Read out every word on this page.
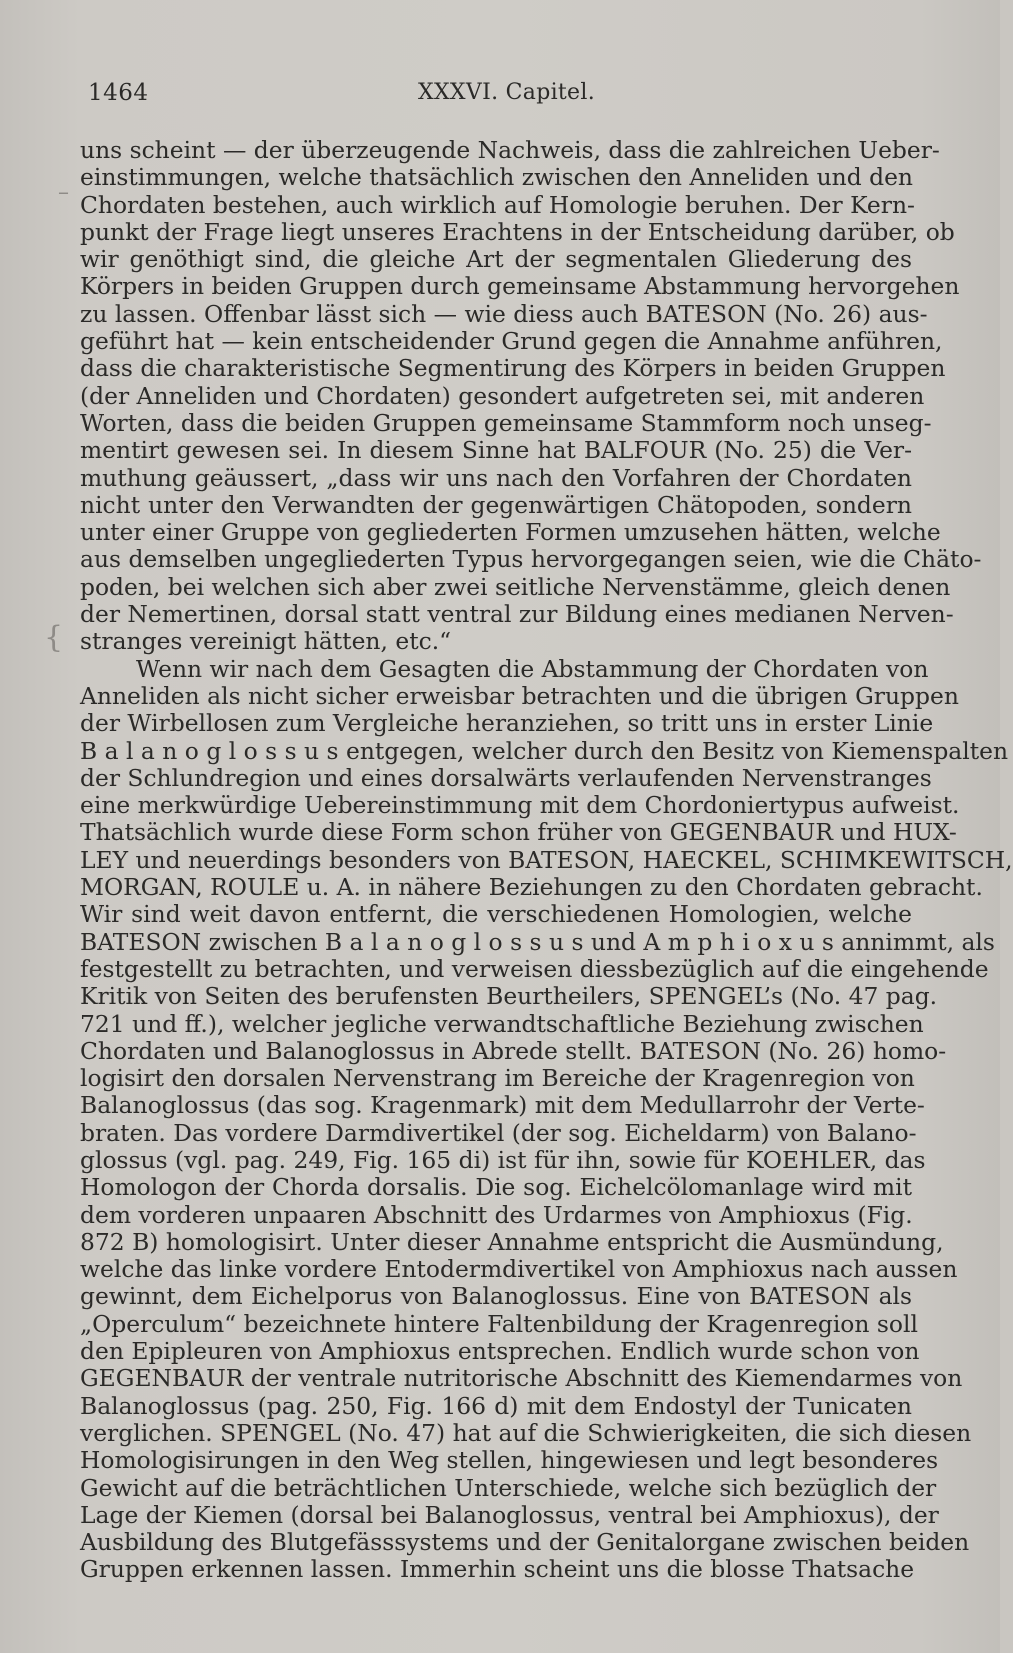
1464	XXXVI. Capitel.
–
{
uns scheint — der überzeugende Nachweis, dass die zahlreichen Ueber-
einstimmungen, welche thatsächlich zwischen den Anneliden und den
Chordaten bestehen, auch wirklich auf Homologie beruhen. Der Kern-
punkt der Frage liegt unseres Erachtens in der Entscheidung darüber, ob
wir genöthigt sind, die gleiche Art der segmentalen Gliederung des
Körpers in beiden Gruppen durch gemeinsame Abstammung hervorgehen
zu lassen. Offenbar lässt sich — wie diess auch BATESON (No. 26) aus-
geführt hat — kein entscheidender Grund gegen die Annahme anführen,
dass die charakteristische Segmentirung des Körpers in beiden Gruppen
(der Anneliden und Chordaten) gesondert aufgetreten sei, mit anderen
Worten, dass die beiden Gruppen gemeinsame Stammform noch unseg-
mentirt gewesen sei. In diesem Sinne hat BALFOUR (No. 25) die Ver-
muthung geäussert, „dass wir uns nach den Vorfahren der Chordaten
nicht unter den Verwandten der gegenwärtigen Chätopoden, sondern
unter einer Gruppe von gegliederten Formen umzusehen hätten, welche
aus demselben ungegliederten Typus hervorgegangen seien, wie die Chäto-
poden, bei welchen sich aber zwei seitliche Nervenstämme, gleich denen
der Nemertinen, dorsal statt ventral zur Bildung eines medianen Nerven-
stranges vereinigt hätten, etc.“
Wenn wir nach dem Gesagten die Abstammung der Chordaten von
Anneliden als nicht sicher erweisbar betrachten und die übrigen Gruppen
der Wirbellosen zum Vergleiche heranziehen, so tritt uns in erster Linie
B a l a n o g l o s s u s entgegen, welcher durch den Besitz von Kiemenspalten
der Schlundregion und eines dorsalwärts verlaufenden Nervenstranges
eine merkwürdige Uebereinstimmung mit dem Chordoniertypus aufweist.
Thatsächlich wurde diese Form schon früher von GEGENBAUR und HUX-
LEY und neuerdings besonders von BATESON, HAECKEL, SCHIMKEWITSCH,
MORGAN, ROULE u. A. in nähere Beziehungen zu den Chordaten gebracht.
Wir sind weit davon entfernt, die verschiedenen Homologien, welche
BATESON zwischen B a l a n o g l o s s u s und A m p h i o x u s annimmt, als
festgestellt zu betrachten, und verweisen diessbezüglich auf die eingehende
Kritik von Seiten des berufensten Beurtheilers, SPENGEL’s (No. 47 pag.
721 und ff.), welcher jegliche verwandtschaftliche Beziehung zwischen
Chordaten und Balanoglossus in Abrede stellt. BATESON (No. 26) homo-
logisirt den dorsalen Nervenstrang im Bereiche der Kragenregion von
Balanoglossus (das sog. Kragenmark) mit dem Medullarrohr der Verte-
braten. Das vordere Darmdivertikel (der sog. Eicheldarm) von Balano-
glossus (vgl. pag. 249, Fig. 165 di) ist für ihn, sowie für KOEHLER, das
Homologon der Chorda dorsalis. Die sog. Eichelcölomanlage wird mit
dem vorderen unpaaren Abschnitt des Urdarmes von Amphioxus (Fig.
872 B) homologisirt. Unter dieser Annahme entspricht die Ausmündung,
welche das linke vordere Entodermdivertikel von Amphioxus nach aussen
gewinnt, dem Eichelporus von Balanoglossus. Eine von BATESON als
„Operculum“ bezeichnete hintere Faltenbildung der Kragenregion soll
den Epipleuren von Amphioxus entsprechen. Endlich wurde schon von
GEGENBAUR der ventrale nutritorische Abschnitt des Kiemendarmes von
Balanoglossus (pag. 250, Fig. 166 d) mit dem Endostyl der Tunicaten
verglichen. SPENGEL (No. 47) hat auf die Schwierigkeiten, die sich diesen
Homologisirungen in den Weg stellen, hingewiesen und legt besonderes
Gewicht auf die beträchtlichen Unterschiede, welche sich bezüglich der
Lage der Kiemen (dorsal bei Balanoglossus, ventral bei Amphioxus), der
Ausbildung des Blutgefässsystems und der Genitalorgane zwischen beiden
Gruppen erkennen lassen. Immerhin scheint uns die blosse Thatsache
